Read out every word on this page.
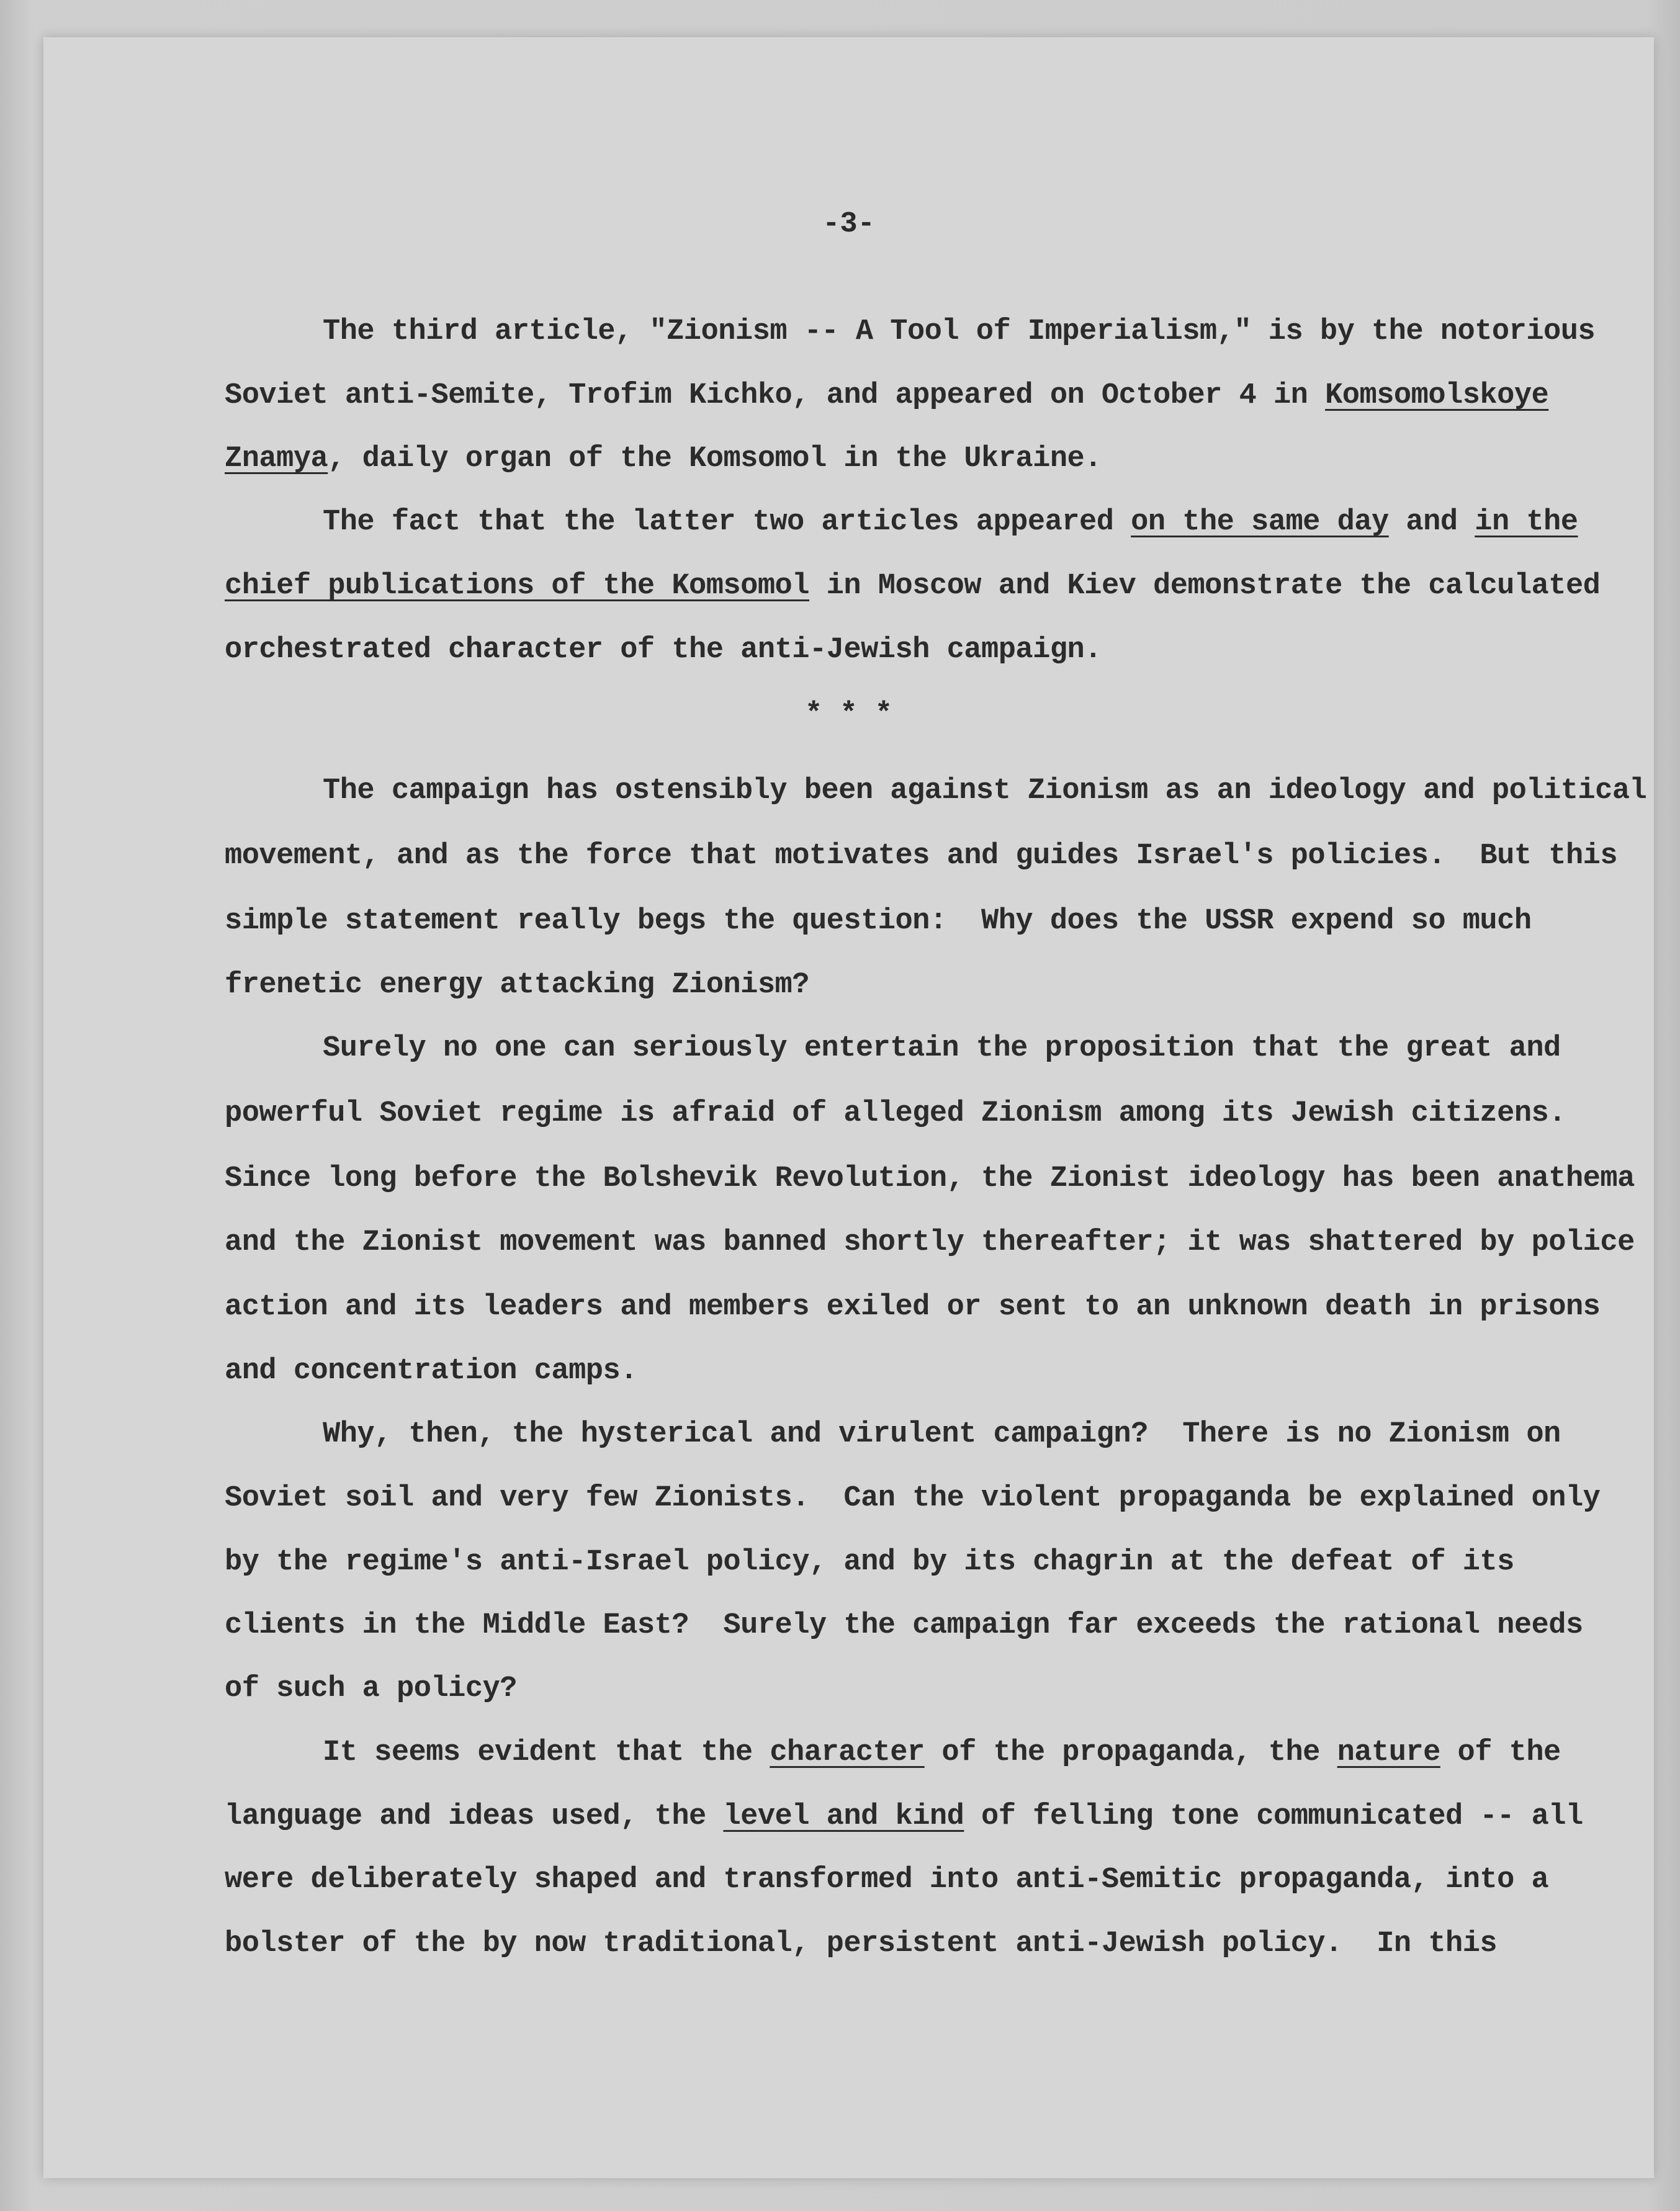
-3-

The third article, "Zionism -- A Tool of Imperialism," is by the notorious

Soviet anti-Semite, Trofim Kichko, and appeared on October 4 in Komsomolskoye

Znamya, daily organ of the Komsomol in the Ukraine.

The fact that the latter two articles appeared on the same day and in the

chief publications of the Komsomol in Moscow and Kiev demonstrate the calculated

orchestrated character of the anti-Jewish campaign.

* * *

The campaign has ostensibly been against Zionism as an ideology and political

movement, and as the force that motivates and guides Israel's policies.  But this

simple statement really begs the question:  Why does the USSR expend so much

frenetic energy attacking Zionism?

Surely no one can seriously entertain the proposition that the great and

powerful Soviet regime is afraid of alleged Zionism among its Jewish citizens.

Since long before the Bolshevik Revolution, the Zionist ideology has been anathema

and the Zionist movement was banned shortly thereafter; it was shattered by police

action and its leaders and members exiled or sent to an unknown death in prisons

and concentration camps.

Why, then, the hysterical and virulent campaign?  There is no Zionism on

Soviet soil and very few Zionists.  Can the violent propaganda be explained only

by the regime's anti-Israel policy, and by its chagrin at the defeat of its

clients in the Middle East?  Surely the campaign far exceeds the rational needs

of such a policy?

It seems evident that the character of the propaganda, the nature of the

language and ideas used, the level and kind of felling tone communicated -- all

were deliberately shaped and transformed into anti-Semitic propaganda, into a

bolster of the by now traditional, persistent anti-Jewish policy.  In this
